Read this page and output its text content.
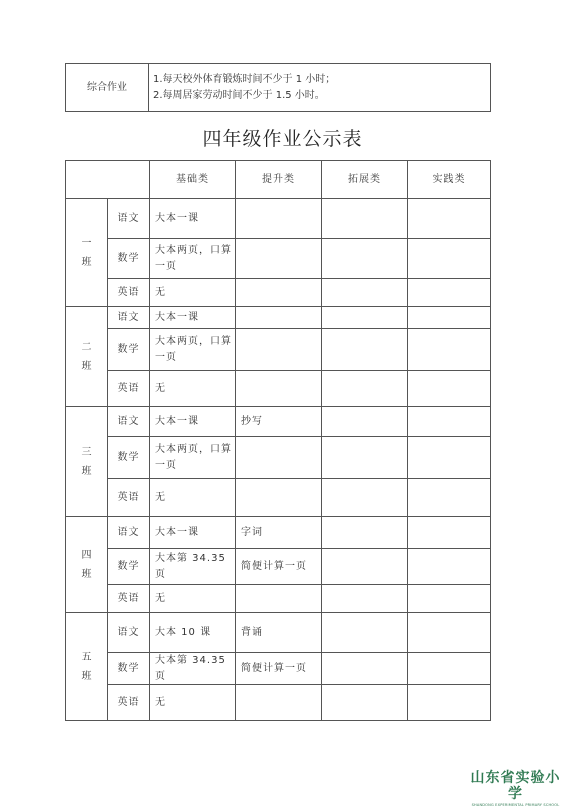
综合作业	
1.每天校外体育锻炼时间不少于 1 小时；
2.每周居家劳动时间不少于 1.5 小时。
四年级作业公示表
		基础类	提升类	拓展类	实践类
一
班	语文	大本一课			
	数学	大本两页，口算一页			
	英语	无			
二
班	语文	大本一课			
	数学	大本两页，口算一页			
	英语	无			
三
班	语文	大本一课	抄写		
	数学	大本两页，口算一页			
	英语	无			
四
班	语文	大本一课	字词		
	数学	大本第 34.35 页	简便计算一页		
	英语	无			
五
班	语文	大本 10 课	背诵		
	数学	大本第 34.35 页	简便计算一页		
	英语	无			
山东省实验小学
SHANDONG EXPERIMENTAL PRIMARY SCHOOL
